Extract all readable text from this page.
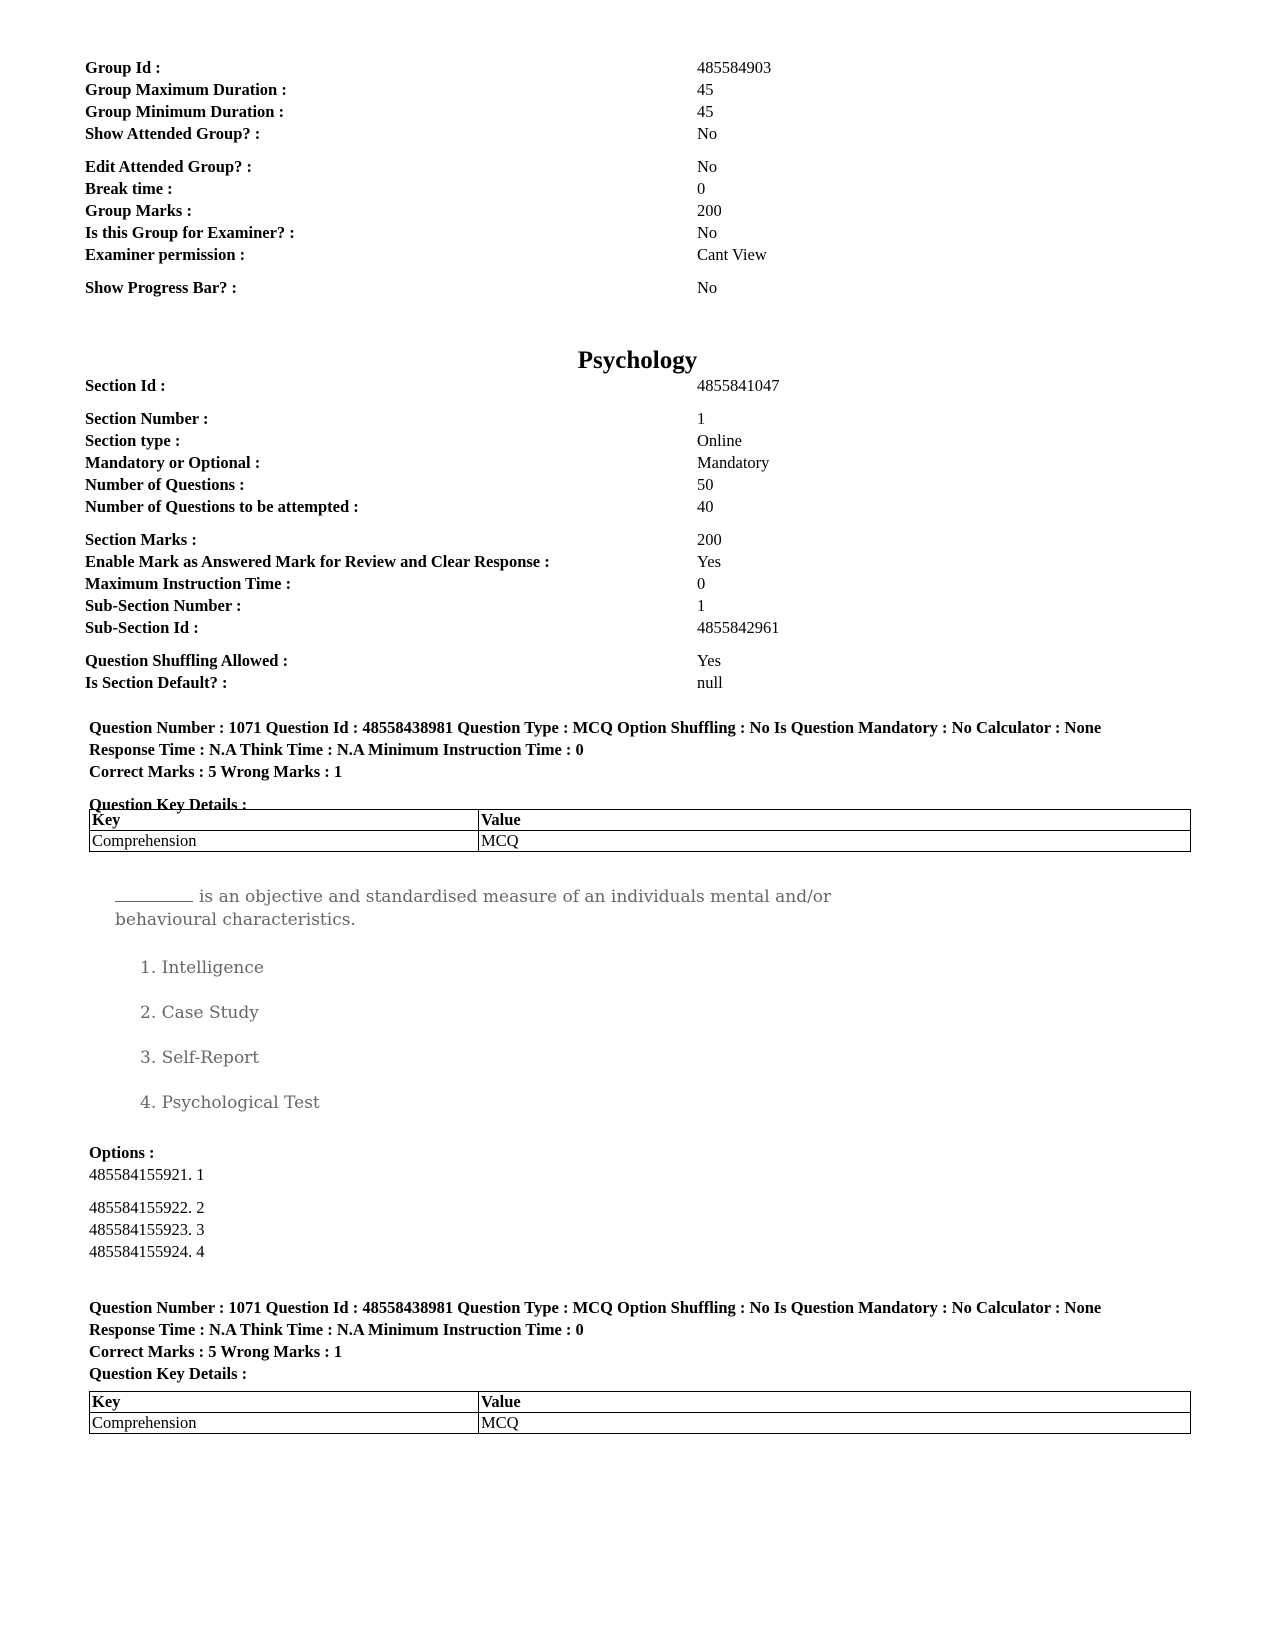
Group Id :	485584903
Group Maximum Duration :	45
Group Minimum Duration :	45
Show Attended Group? :	No
Edit Attended Group? :	No
Break time :	0
Group Marks :	200
Is this Group for Examiner? :	No
Examiner permission :	Cant View
Show Progress Bar? :	No
Psychology
Section Id :	4855841047
Section Number :	1
Section type :	Online
Mandatory or Optional :	Mandatory
Number of Questions :	50
Number of Questions to be attempted :	40
Section Marks :	200
Enable Mark as Answered Mark for Review and Clear Response :	Yes
Maximum Instruction Time :	0
Sub-Section Number :	1
Sub-Section Id :	4855842961
Question Shuffling Allowed :	Yes
Is Section Default? :	null
Question Number : 1071 Question Id : 48558438981 Question Type : MCQ Option Shuffling : No Is Question Mandatory : No Calculator : None
Response Time : N.A Think Time : N.A Minimum Instruction Time : 0
Correct Marks : 5 Wrong Marks : 1
Question Key Details :
Key	Value
Comprehension	MCQ
is an objective and standardised measure of an individuals mental and/or behavioural characteristics.
1. Intelligence
2. Case Study
3. Self-Report
4. Psychological Test
Options :
485584155921. 1
485584155922. 2
485584155923. 3
485584155924. 4
Question Number : 1071 Question Id : 48558438981 Question Type : MCQ Option Shuffling : No Is Question Mandatory : No Calculator : None
Response Time : N.A Think Time : N.A Minimum Instruction Time : 0
Correct Marks : 5 Wrong Marks : 1
Question Key Details :
Key	Value
Comprehension	MCQ
